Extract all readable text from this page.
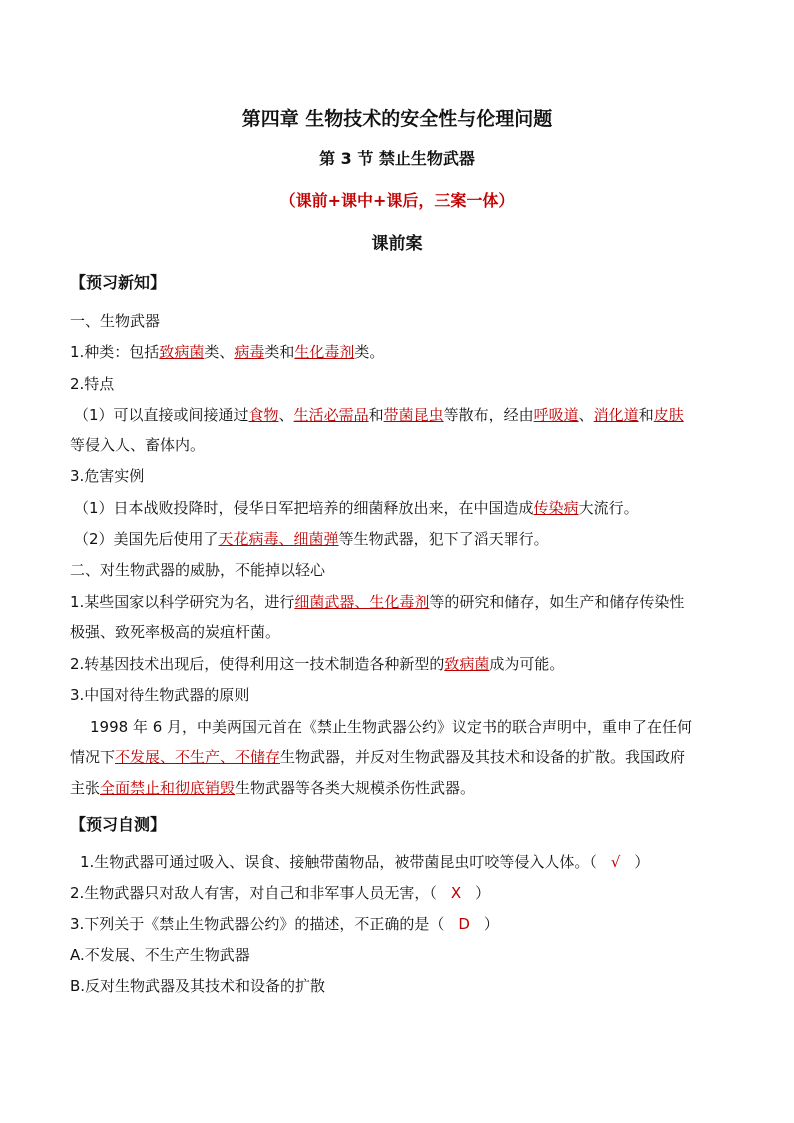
第四章 生物技术的安全性与伦理问题
第 3 节 禁止生物武器
（课前+课中+课后，三案一体）
课前案
【预习新知】
一、生物武器
1.种类：包括致病菌类、病毒类和生化毒剂类。
2.特点
（1）可以直接或间接通过食物、生活必需品和带菌昆虫等散布，经由呼吸道、消化道和皮肤
等侵入人、畜体内。
3.危害实例
（1）日本战败投降时，侵华日军把培养的细菌释放出来，在中国造成传染病大流行。
（2）美国先后使用了天花病毒、细菌弹等生物武器，犯下了滔天罪行。
二、对生物武器的威胁，不能掉以轻心
1.某些国家以科学研究为名，进行细菌武器、生化毒剂等的研究和储存，如生产和储存传染性
极强、致死率极高的炭疽杆菌。
2.转基因技术出现后，使得利用这一技术制造各种新型的致病菌成为可能。
3.中国对待生物武器的原则
1998 年 6 月，中美两国元首在《禁止生物武器公约》议定书的联合声明中，重申了在任何
情况下不发展、不生产、不储存生物武器，并反对生物武器及其技术和设备的扩散。我国政府
主张全面禁止和彻底销毁生物武器等各类大规模杀伤性武器。
【预习自测】
1.生物武器可通过吸入、误食、接触带菌物品，被带菌昆虫叮咬等侵入人体。（ √ ）
2.生物武器只对敌人有害，对自己和非军事人员无害，（ X ）
3.下列关于《禁止生物武器公约》的描述，不正确的是（ D ）
A.不发展、不生产生物武器
B.反对生物武器及其技术和设备的扩散
